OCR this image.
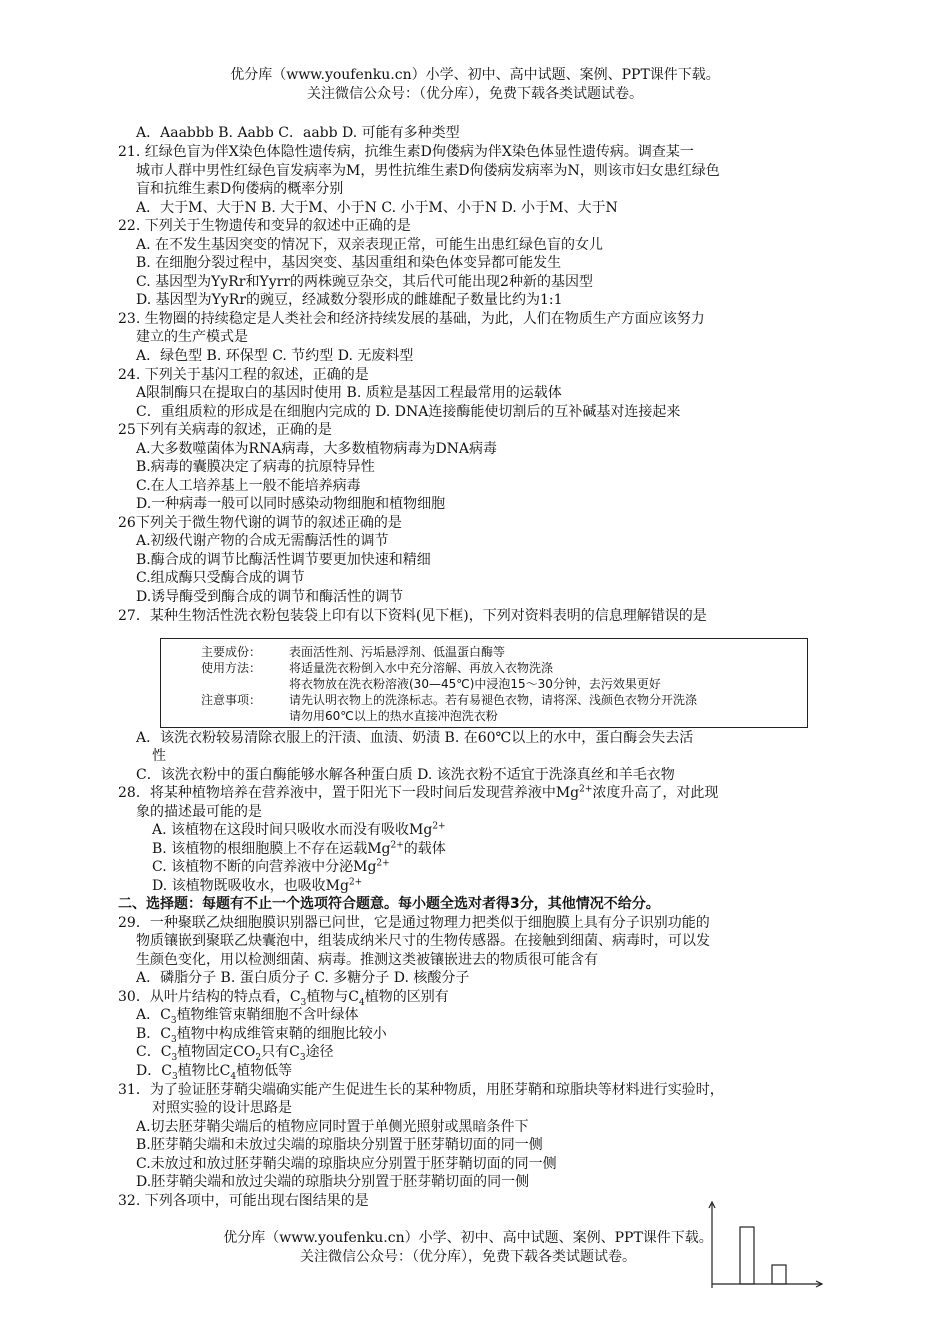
优分库（www.youfenku.cn）小学、初中、高中试题、案例、PPT课件下载。
关注微信公众号：（优分库），免费下载各类试题试卷。
A．Aaabbb B. Aabb C．aabb D. 可能有多种类型
21. 红绿色盲为伴X染色体隐性遗传病，抗维生素D佝偻病为伴X染色体显性遗传病。调查某一
城市人群中男性红绿色盲发病率为M，男性抗维生素D佝偻病发病率为N，则该市妇女患红绿色
盲和抗维生素D佝偻病的概率分别
A．大于M、大于N B. 大于M、小于N C. 小于M、小于N D. 小于M、大于N
22. 下列关于生物遗传和变异的叙述中正确的是
A. 在不发生基因突变的情况下，双亲表现正常，可能生出患红绿色盲的女儿
B. 在细胞分裂过程中，基因突变、基因重组和染色体变异都可能发生
C. 基因型为YyRr和Yyrr的两株豌豆杂交，其后代可能出现2种新的基因型
D. 基因型为YyRr的豌豆，经减数分裂形成的雌雄配子数量比约为1:1
23. 生物圈的持续稳定是人类社会和经济持续发展的基础，为此，人们在物质生产方面应该努力
建立的生产模式是
A．绿色型 B. 环保型 C. 节约型 D. 无废料型
24. 下列关于基闪工程的叙述，正确的是
A限制酶只在提取白的基因时使用 B. 质粒是基因工程最常用的运载体
C．重组质粒的形成是在细胞内完成的 D. DNA连接酶能使切割后的互补碱基对连接起来
25下列有关病毒的叙述，正确的是
A.大多数噬菌体为RNA病毒，大多数植物病毒为DNA病毒
B.病毒的囊膜决定了病毒的抗原特异性
C.在人工培养基上一般不能培养病毒
D.一种病毒一般可以同时感染动物细胞和植物细胞
26下列关于微生物代谢的调节的叙述正确的是
A.初级代谢产物的合成无需酶活性的调节
B.酶合成的调节比酶活性调节要更加快速和精细
C.组成酶只受酶合成的调节
D.诱导酶受到酶合成的调节和酶活性的调节
27．某种生物活性洗衣粉包装袋上印有以下资料(见下框)，下列对资料表明的信息理解错误的是
主要成份： 表面活性剂、污垢悬浮剂、低温蛋白酶等
使用方法： 将适量洗衣粉倒入水中充分溶解、再放入衣物洗涤
将衣物放在洗衣粉溶液(30—45℃)中浸泡15～30分钟，去污效果更好
注意事项： 请先认明衣物上的洗涤标志。若有易褪色衣物，请将深、浅颜色衣物分开洗涤
请勿用60℃以上的热水直接冲泡洗衣粉
A．该洗衣粉较易清除衣服上的汗渍、血渍、奶渍 B. 在60℃以上的水中，蛋白酶会失去活
性
C．该洗衣粉中的蛋白酶能够水解各种蛋白质 D. 该洗衣粉不适宜于洗涤真丝和羊毛衣物
28．将某种植物培养在营养液中，置于阳光下一段时间后发现营养液中$Mg^{2+}$浓度升高了，对此现
象的描述最可能的是
A. 该植物在这段时间只吸收水而没有吸收$Mg^{2+}$
B. 该植物的根细胞膜上不存在运载$Mg^{2+}$的载体
C. 该植物不断的向营养液中分泌$Mg^{2+}$
D. 该植物既吸收水，也吸收$Mg^{2+}$
二、选择题：每题有不止一个选项符合题意。每小题全选对者得3分，其他情况不给分。
29．一种聚联乙炔细胞膜识别器已问世，它是通过物理力把类似于细胞膜上具有分子识别功能的
物质镶嵌到聚联乙炔囊泡中，组装成纳米尺寸的生物传感器。在接触到细菌、病毒时，可以发
生颜色变化，用以检测细菌、病毒。推测这类被镶嵌进去的物质很可能含有
A．磷脂分子 B. 蛋白质分子 C. 多糖分子 D. 核酸分子
30．从叶片结构的特点看，$C_3$植物与$C_4$植物的区别有
A．$C_3$植物维管束鞘细胞不含叶绿体
B．$C_3$植物中构成维管束鞘的细胞比较小
C．$C_3$植物固定$CO_2$只有$C_3$途径
D．$C_3$植物比$C_4$植物低等
31．为了验证胚芽鞘尖端确实能产生促进生长的某种物质，用胚芽鞘和琼脂块等材料进行实验时，
对照实验的设计思路是
A.切去胚芽鞘尖端后的植物应同时置于单侧光照射或黑暗条件下
B.胚芽鞘尖端和未放过尖端的琼脂块分别置于胚芽鞘切面的同一侧
C.未放过和放过胚芽鞘尖端的琼脂块应分别置于胚芽鞘切面的同一侧
D.胚芽鞘尖端和放过尖端的琼脂块分别置于胚芽鞘切面的同一侧
32. 下列各项中，可能出现右图结果的是
优分库（www.youfenku.cn）小学、初中、高中试题、案例、PPT课件下载。
关注微信公众号：（优分库），免费下载各类试题试卷。
